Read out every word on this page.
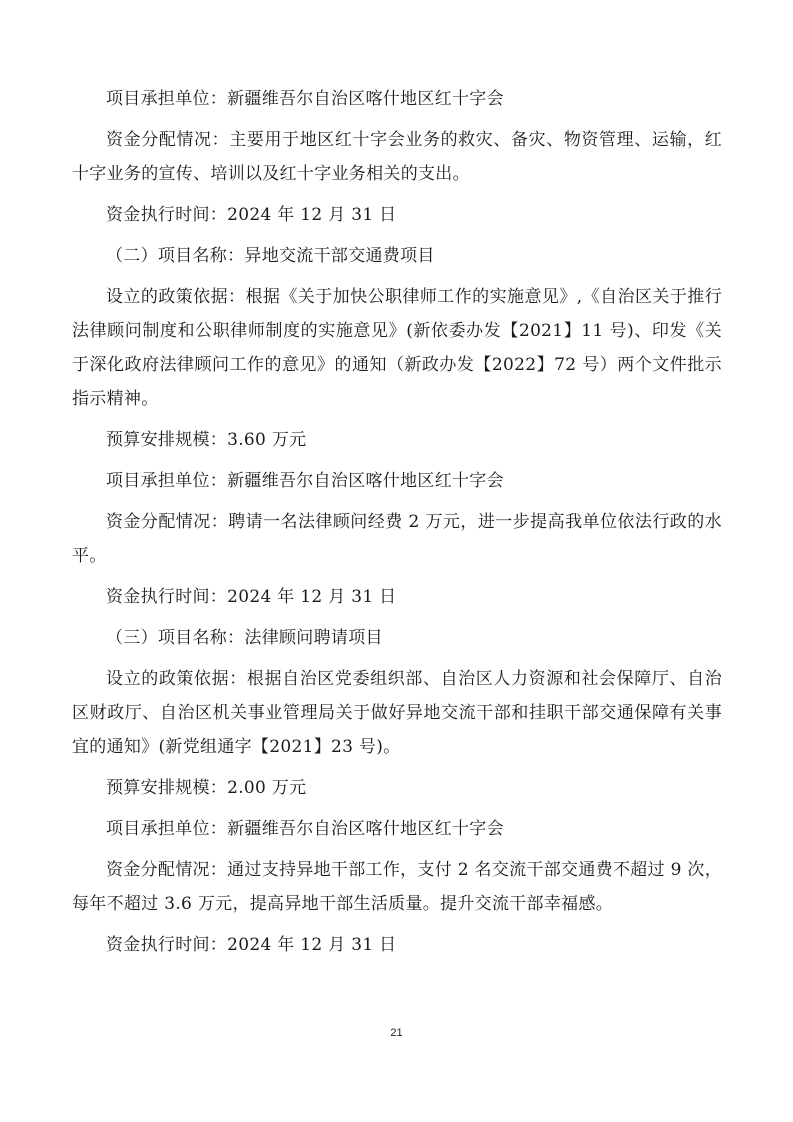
项目承担单位：新疆维吾尔自治区喀什地区红十字会

资金分配情况：主要用于地区红十字会业务的救灾、备灾、物资管理、运输，红十字业务的宣传、培训以及红十字业务相关的支出。

资金执行时间：2024 年 12 月 31 日

（二）项目名称：异地交流干部交通费项目

设立的政策依据：根据《关于加快公职律师工作的实施意见》,《自治区关于推行法律顾问制度和公职律师制度的实施意见》(新依委办发【2021】11 号)、印发《关于深化政府法律顾问工作的意见》的通知（新政办发【2022】72 号）两个文件批示指示精神。

预算安排规模：3.60 万元

项目承担单位：新疆维吾尔自治区喀什地区红十字会

资金分配情况：聘请一名法律顾问经费 2 万元，进一步提高我单位依法行政的水平。

资金执行时间：2024 年 12 月 31 日

（三）项目名称：法律顾问聘请项目

设立的政策依据：根据自治区党委组织部、自治区人力资源和社会保障厅、自治区财政厅、自治区机关事业管理局关于做好异地交流干部和挂职干部交通保障有关事宜的通知》(新党组通字【2021】23 号)。

预算安排规模：2.00 万元

项目承担单位：新疆维吾尔自治区喀什地区红十字会

资金分配情况：通过支持异地干部工作，支付 2 名交流干部交通费不超过 9 次，每年不超过 3.6 万元，提高异地干部生活质量。提升交流干部幸福感。

资金执行时间：2024 年 12 月 31 日

21
